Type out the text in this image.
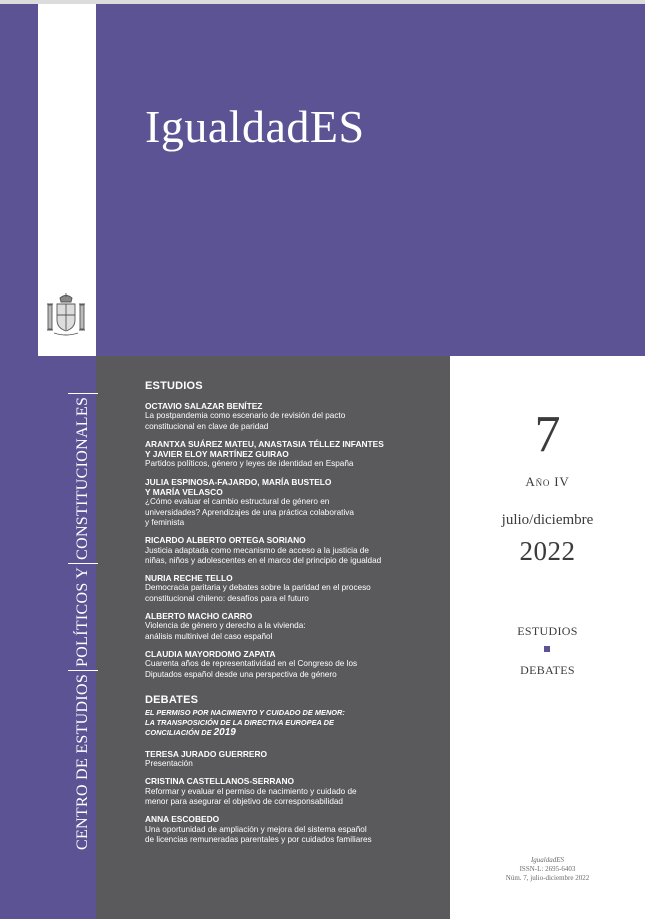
IgualdadES
CENTRO DE ESTUDIOS
POLÍTICOS Y
CONSTITUCIONALES
ESTUDIOS
OCTAVIO SALAZAR BENÍTEZ
La postpandemia como escenario de revisión del pacto
constitucional en clave de paridad
ARANTXA SUÁREZ MATEU, ANASTASIA TÉLLEZ INFANTES
Y JAVIER ELOY MARTÍNEZ GUIRAO
Partidos políticos, género y leyes de identidad en España
JULIA ESPINOSA-FAJARDO, MARÍA BUSTELO
Y MARÍA VELASCO
¿Cómo evaluar el cambio estructural de género en
universidades? Aprendizajes de una práctica colaborativa
y feminista
RICARDO ALBERTO ORTEGA SORIANO
Justicia adaptada como mecanismo de acceso a la justicia de
niñas, niños y adolescentes en el marco del principio de igualdad
NURIA RECHE TELLO
Democracia paritaria y debates sobre la paridad en el proceso
constitucional chileno: desafíos para el futuro
ALBERTO MACHO CARRO
Violencia de género y derecho a la vivienda:
análisis multinivel del caso español
CLAUDIA MAYORDOMO ZAPATA
Cuarenta años de representatividad en el Congreso de los
Diputados español desde una perspectiva de género
DEBATES
EL PERMISO POR NACIMIENTO Y CUIDADO DE MENOR:
LA TRANSPOSICIÓN DE LA DIRECTIVA EUROPEA DE
CONCILIACIÓN DE 2019
TERESA JURADO GUERRERO
Presentación
CRISTINA CASTELLANOS-SERRANO
Reformar y evaluar el permiso de nacimiento y cuidado de
menor para asegurar el objetivo de corresponsabilidad
ANNA ESCOBEDO
Una oportunidad de ampliación y mejora del sistema español
de licencias remuneradas parentales y por cuidados familiares
7
Año IV
julio/diciembre
2022
ESTUDIOS
DEBATES
IgualdadES
ISSN-L: 2695-6403
Núm. 7, julio-diciembre 2022
